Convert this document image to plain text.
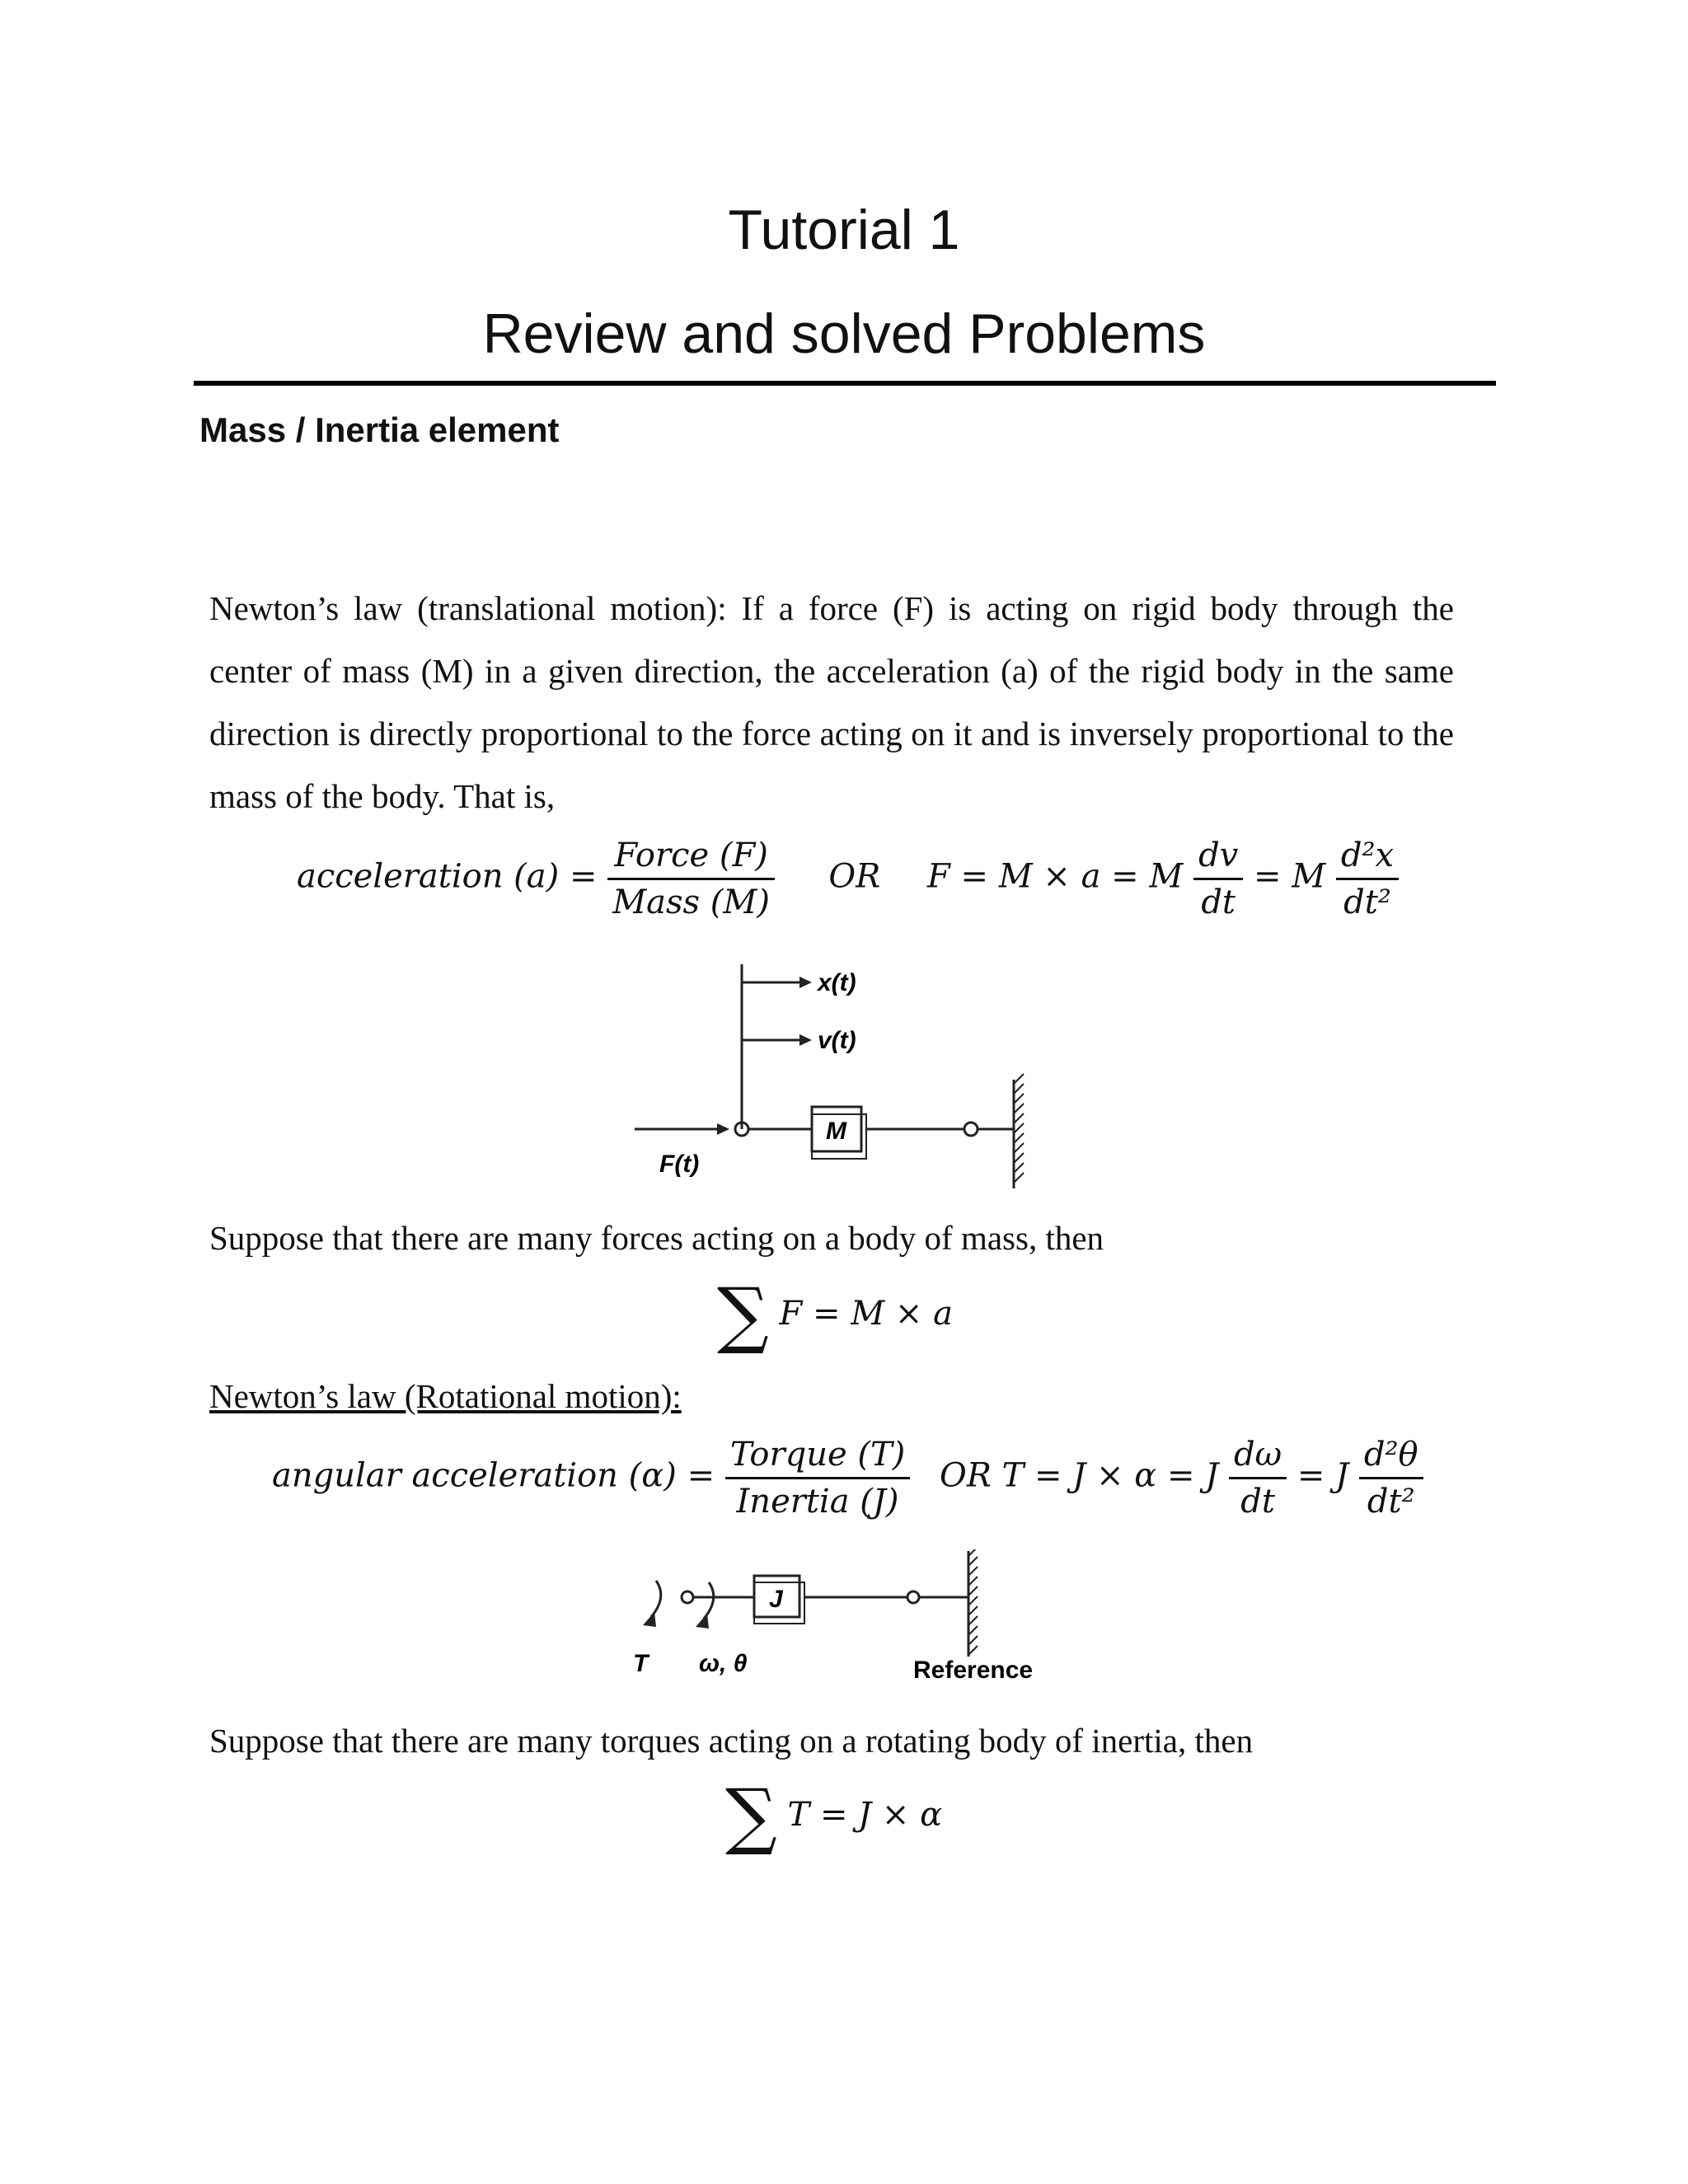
Tutorial 1
Review and solved Problems
Mass / Inertia element
Newton’s law (translational motion): If a force (F) is acting on rigid body through the center of mass (M) in a given direction, the acceleration (a) of the rigid body in the same direction is directly proportional to the force acting on it and is inversely proportional to the mass of the body. That is,
acceleration $(a) = \frac{\text{Force (F)}}{\text{Mass (M)}}$ OR F = M × a = M $\frac{dv}{dt} = M \frac{\text{d²x}}{\text{dt²}}$
x(t)
v(t)
M
F(t)
Suppose that there are many forces acting on a body of mass, then
∑ F = M × a
Newton’s law (Rotational motion):
angular acceleration $(\alpha) = \frac{\text{Torque (T)}}{\text{Inertia (J)}}$ OR T = J × α = J $\frac{d\omega}{dt} = J \frac{\text{d²θ}}{\text{dt²}}$
J
T ω, θ	Reference
Suppose that there are many torques acting on a rotating body of inertia, then
∑ T = J × α
